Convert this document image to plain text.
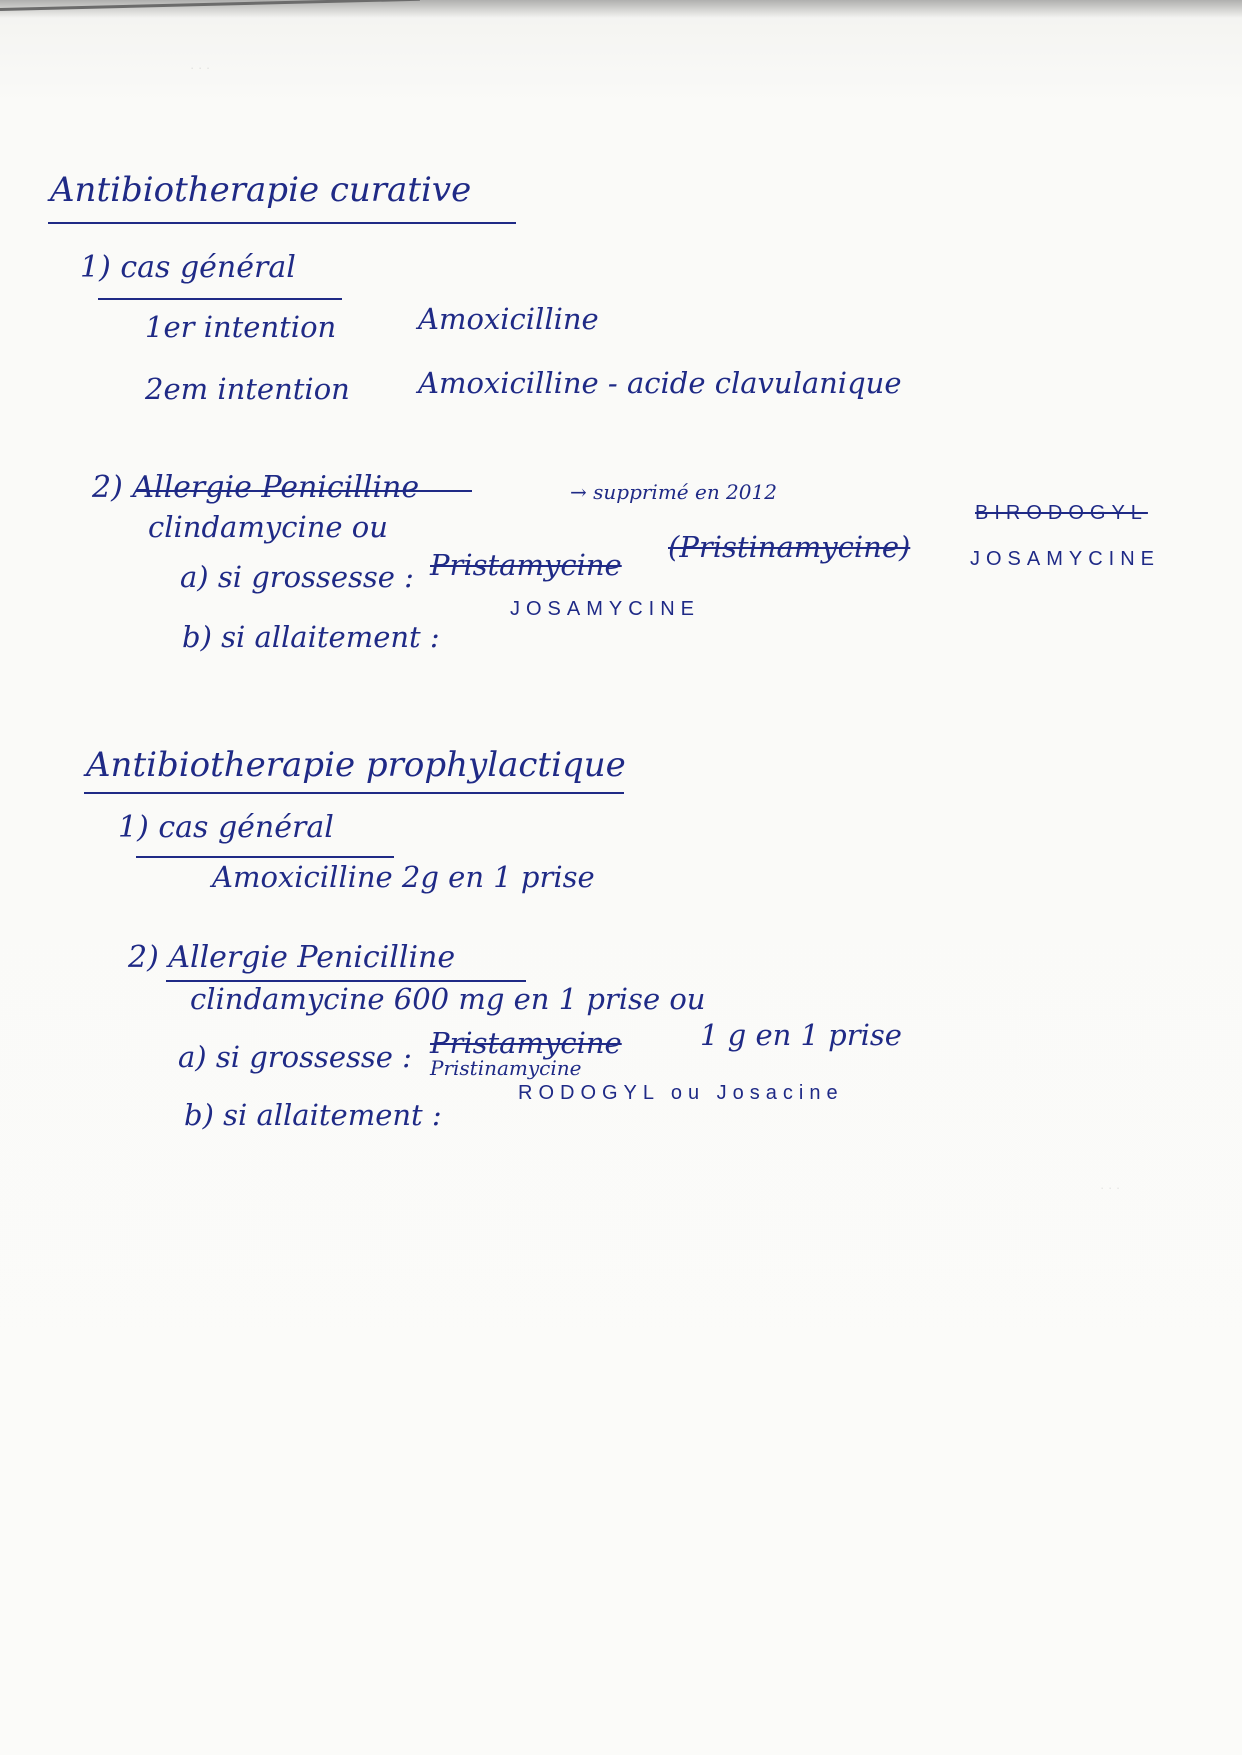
· · ·
· · ·
Antibiotherapie curative
1) cas général
1er intention	Amoxicilline
2em intention Amoxicilline - acide clavulanique
2) Allergie Penicilline
clindamycine ou
→ supprimé en 2012
a) si grossesse : Pristamycine
(Pristinamycine)
BIRODOGYL
JOSAMYCINE
b) si allaitement :
JOSAMYCINE
Antibiotherapie prophylactique
1) cas général
Amoxicilline 2g en 1 prise
2) Allergie Penicilline
clindamycine 600 mg en 1 prise ou
a) si grossesse : Pristamycine
Pristinamycine
1 g en 1 prise
b) si allaitement :
RODOGYL ou Josacine
